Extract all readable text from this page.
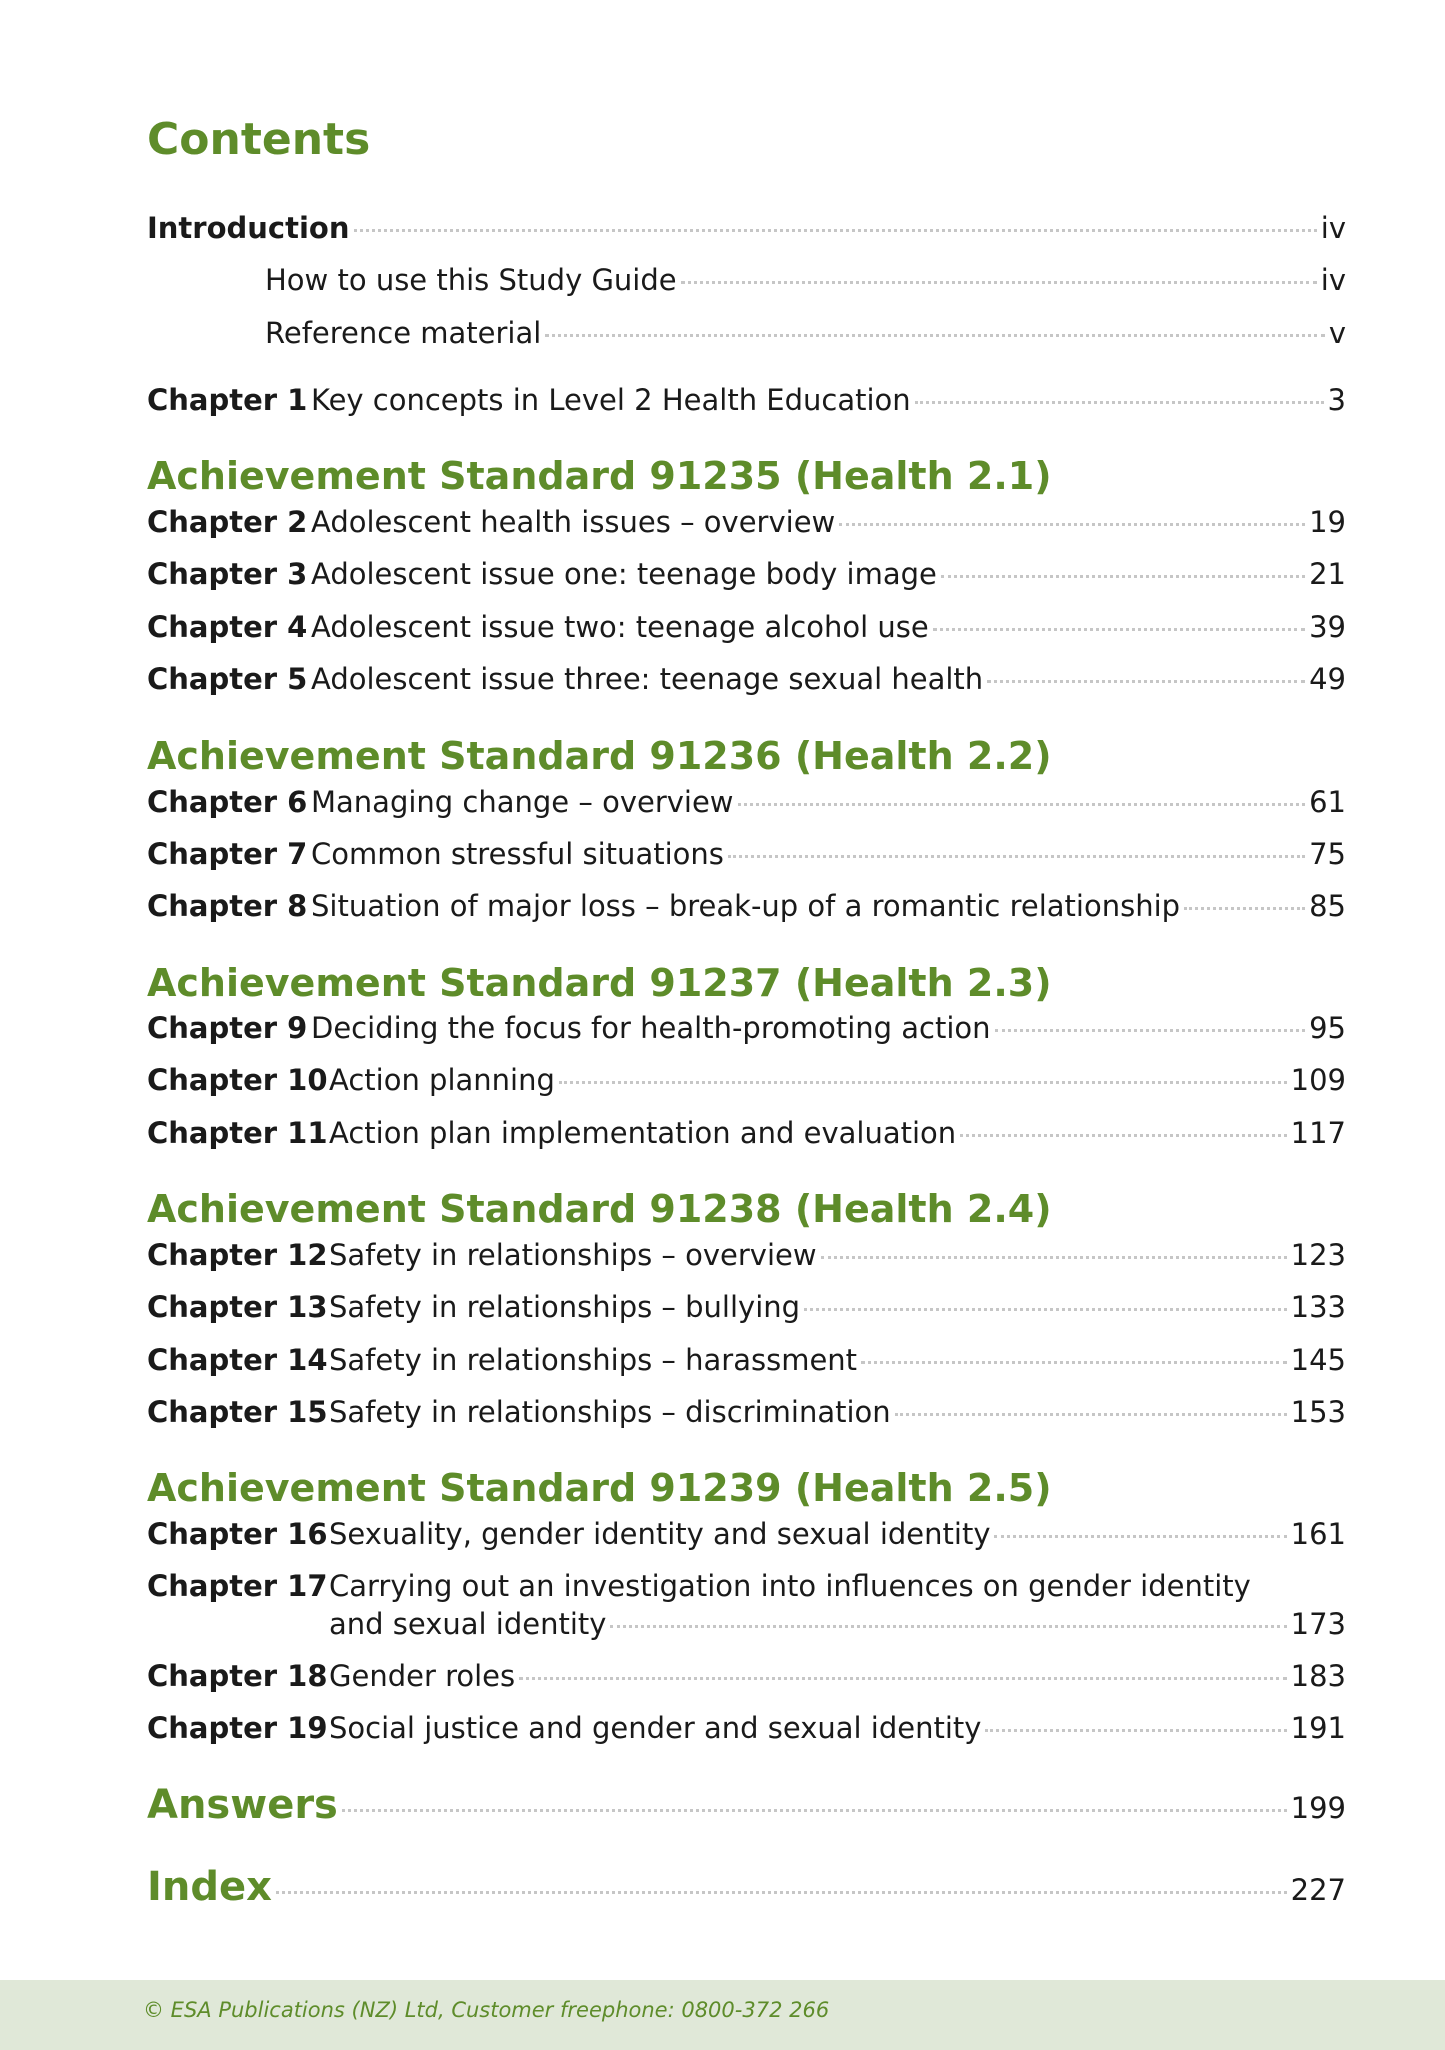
Contents
Introduction	iv
How to use this Study Guide	iv
Reference material	v
Chapter 1 Key concepts in Level 2 Health Education	3
Achievement Standard 91235 (Health 2.1)
Chapter 2 Adolescent health issues – overview	19
Chapter 3 Adolescent issue one: teenage body image	21
Chapter 4 Adolescent issue two: teenage alcohol use	39
Chapter 5 Adolescent issue three: teenage sexual health	49
Achievement Standard 91236 (Health 2.2)
Chapter 6 Managing change – overview	61
Chapter 7 Common stressful situations	75
Chapter 8 Situation of major loss – break-up of a romantic relationship	85
Achievement Standard 91237 (Health 2.3)
Chapter 9 Deciding the focus for health-promoting action	95
Chapter 10 Action planning	109
Chapter 11 Action plan implementation and evaluation	117
Achievement Standard 91238 (Health 2.4)
Chapter 12 Safety in relationships – overview	123
Chapter 13 Safety in relationships – bullying	133
Chapter 14 Safety in relationships – harassment	145
Chapter 15 Safety in relationships – discrimination	153
Achievement Standard 91239 (Health 2.5)
Chapter 16 Sexuality, gender identity and sexual identity	161
Chapter 17 Carrying out an investigation into influences on gender identity
and sexual identity	173
Chapter 18 Gender roles	183
Chapter 19 Social justice and gender and sexual identity	191
Answers	199
Index	227
© ESA Publications (NZ) Ltd, Customer freephone: 0800-372 266
